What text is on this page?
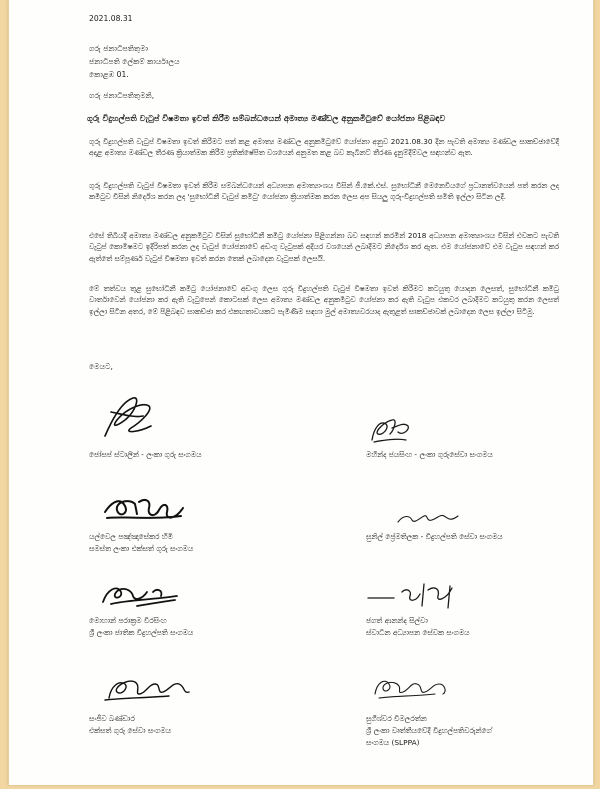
2021.08.31
ගරු ජනාධිපතිතුමා
ජනාධිපති ලේකම් කාර්යාලය
කොළඹ 01.
ගරු ජනාධිපතිතුමනි,
ගුරු විදුහල්පති වැටුප් විෂමතා ඉවත් කිරීම සම්බන්ධයෙන් අමාත්‍ය මණ්ඩල අනුකමිටුවේ යෝජනා පිළිබඳව
ගුරු විදුහල්පති වැටුප් විෂමතා ඉවත් කිරීමට පත් කළ අමාත්‍ය මණ්ඩල අනුකමිටුවේ යෝජනා අනුව 2021.08.30 දින පැවති අමාත්‍ය මණ්ඩල සාකච්ඡාවේදී අදාළ අමාත්‍ය මණ්ඩල තීරණ ක්‍රියාත්මක කිරීම ප්‍රතික්ෂේපිත වශයෙන් අනුමත කළ බව කැබිනට් තීරණ දැනුම්දීම්වල සඳහන්ව ඇත.
ගුරු විදුහල්පති වැටුප් විෂමතා ඉවත් කිරීම සම්බන්ධයෙන් අධ්‍යාපන අමාත්‍යාංශය විසින් ජී.කේ.එස්. සුභෝධිනී මෙනෙවියගේ ප්‍රධානත්වයෙන් පත් කරන ලද කමිටුව විසින් නිර්දේශ කරන ලද 'සුභෝධිනී වැටුප් කමිටු' යෝජනා ක්‍රියාත්මක කරන ලෙස අප සියලු ගුරු-විදුහල්පති සමිති ඉල්ලා සිටින ලදී.
එසේ තිබියදී අමාත්‍ය මණ්ඩල අනුකමිටුව විසින් සුභෝධිනී කමිටු යෝජනා පිළිගන්නා බව සඳහන් කරමින් 2018 අධ්‍යාපන අමාත්‍යාංශය විසින් එවකට පැවති වැටුප් කොමිෂමට ඉදිරිපත් කරන ලද වැටුප් යෝජනාවේ අඩංගු වැටුපක් අදියර වශයෙන් ලබාදීමට නිර්දේශ කර ඇත. එම යෝජනාවේ එම වැටුප සඳහන් කර ඇත්තේ සම්පූර්ණ වැටුප් විෂමතා ඉවත් කරන තෙක් ලබාදෙන වැටුපක් ලෙසයි.
මේ තත්වය තුළ සුභෝධිනී කමිටු යෝජනාවේ අඩංගු ලෙස ගුරු විදුහල්පති වැටුප් විෂමතා ඉවත් කිරීමට කටයුතු යොදන ලෙසත්, සුභෝධිනී කමිටු වාර්තාවෙන් යෝජනා කර ඇති වැටුපෙන් කොටසක් ලෙස අමාත්‍ය මණ්ඩල අනුකමිටුව යෝජනා කර ඇති වැටුප එකවර ලබාදීමට කටයුතු කරන ලෙසත් ඉල්ලා සිටින අතර, මේ පිළිබඳව සාකච්ඡා කර එකඟතාවයකට පැමිණීම සඳහා මුල් අමාත්‍යවරයාද ඇතුළත් සාකච්ඡාවක් ලබාදෙන ලෙස ඉල්ලා සිටිමු.
මෙයට,
ජෝසප් ස්ටාලින් - ලංකා ගුරු සංගමය	මහින්ද ජයසිංහ - ලංකා ගුරුසේවා සංගමය
යල්වෙල පඤ්ඤාසේකර හිමි
සමස්ත ලංකා එක්සත් ගුරු සංගමය
සුනිල් ප්‍රේමතිලක - විදුහල්පති සේවා සංගමය
මොහාන් පරාක්‍රම වීරසිංහ
ශ්‍රී ලංකා ජාතික විදුහල්පති සංගමය
ජගත් ආනන්ද සිල්වා
ස්වාධීන අධ්‍යාපන සේවක සංගමය
සංජීව බණ්ඩාර
එක්සත් ගුරු සේවා සංගමය
සුගීශ්වර විමලරත්න
ශ්‍රී ලංකා වෘත්තීයවේදී විදුහල්පතිවරුන්ගේ
සංගමය (SLPPA)
